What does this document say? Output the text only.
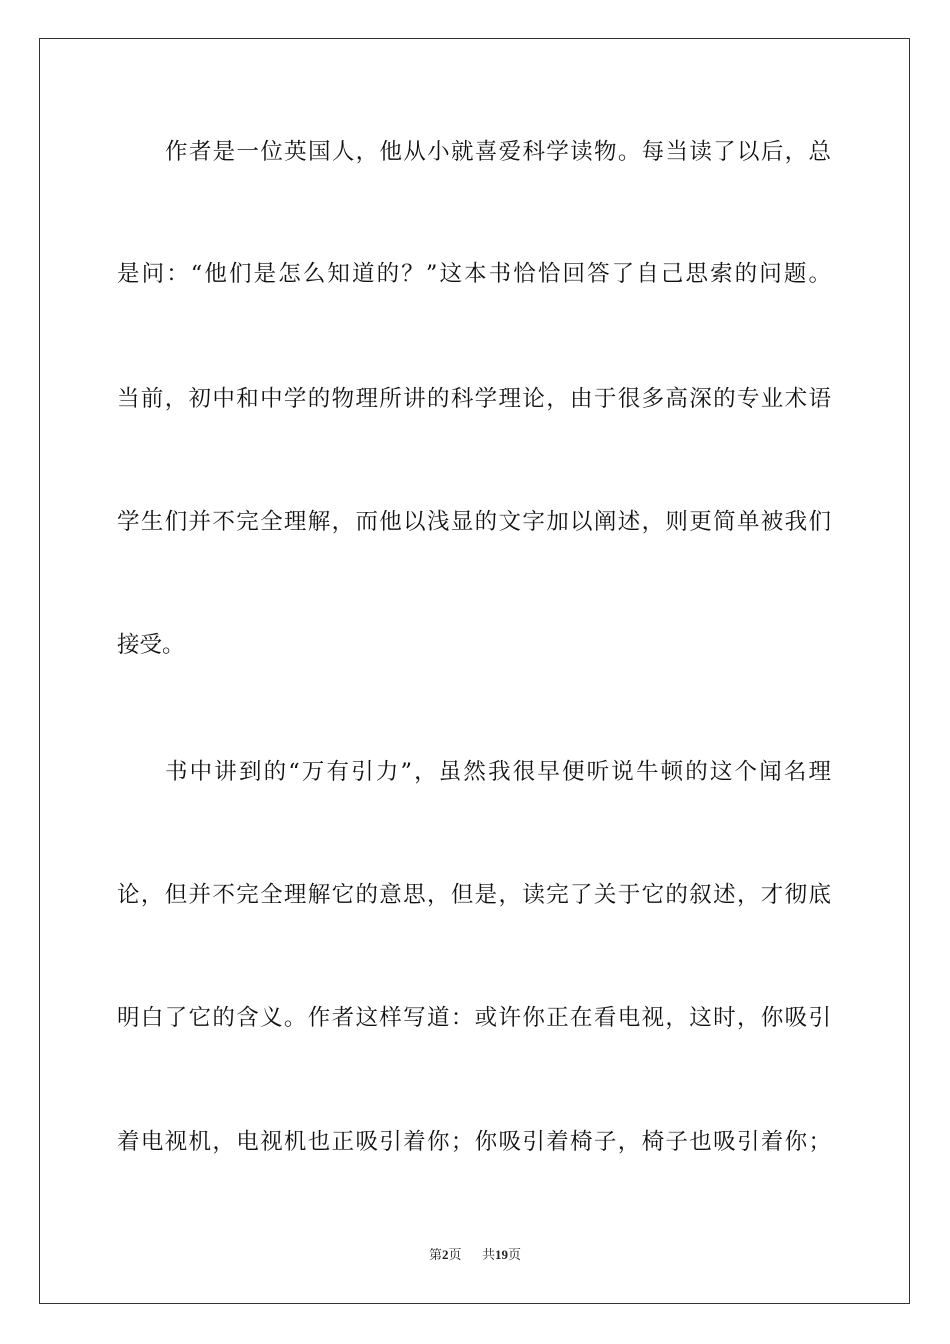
作者是一位英国人，他从小就喜爱科学读物。每当读了以后，总
是问：“他们是怎么知道的？”这本书恰恰回答了自己思索的问题。
当前，初中和中学的物理所讲的科学理论，由于很多高深的专业术语
学生们并不完全理解，而他以浅显的文字加以阐述，则更简单被我们
接受。
书中讲到的“万有引力”，虽然我很早便听说牛顿的这个闻名理
论，但并不完全理解它的意思，但是，读完了关于它的叙述，才彻底
明白了它的含义。作者这样写道：或许你正在看电视，这时，你吸引
着电视机，电视机也正吸引着你；你吸引着椅子，椅子也吸引着你；
第2页 共19页
